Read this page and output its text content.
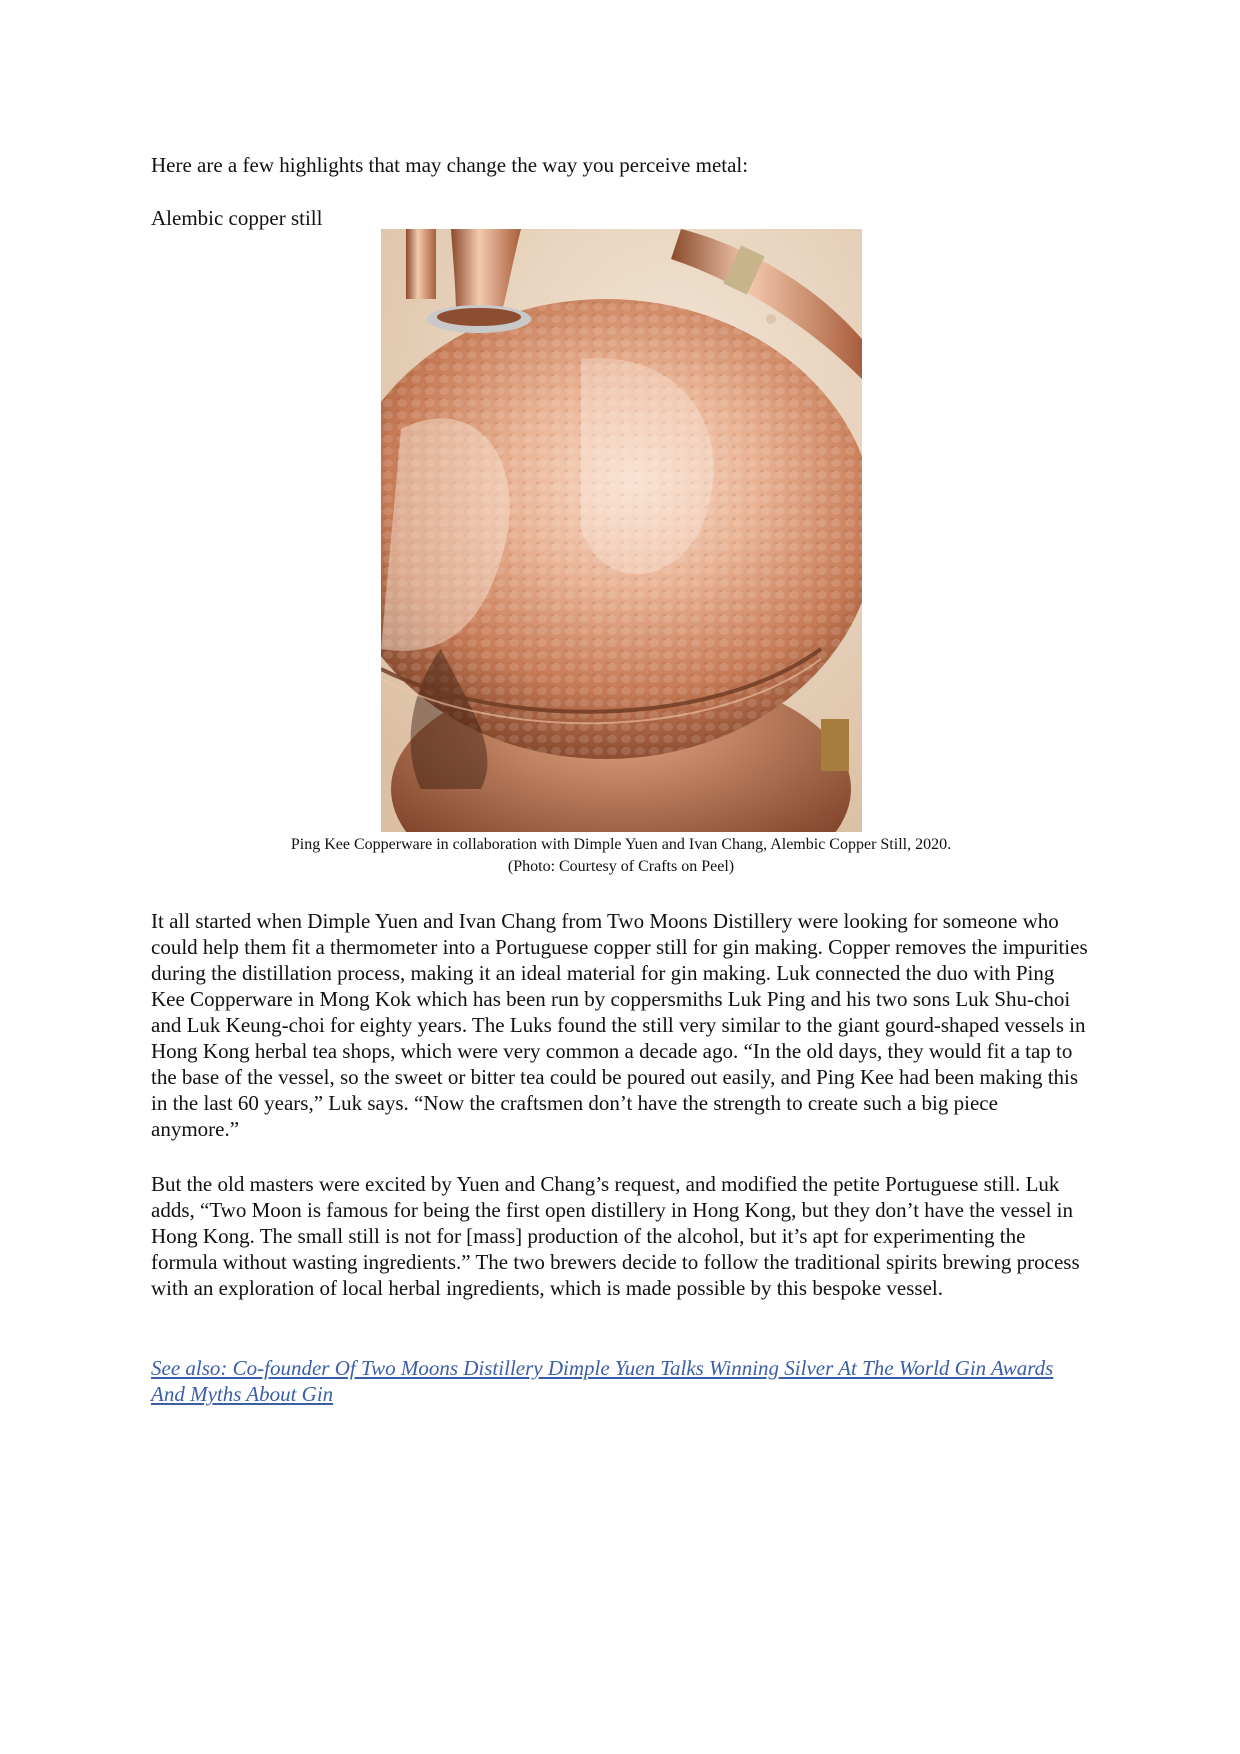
Here are a few highlights that may change the way you perceive metal:

Alembic copper still

Ping Kee Copperware in collaboration with Dimple Yuen and Ivan Chang, Alembic Copper Still, 2020.
(Photo: Courtesy of Crafts on Peel)

It all started when Dimple Yuen and Ivan Chang from Two Moons Distillery were looking for someone who could help them fit a thermometer into a Portuguese copper still for gin making. Copper removes the impurities during the distillation process, making it an ideal material for gin making. Luk connected the duo with Ping Kee Copperware in Mong Kok which has been run by coppersmiths Luk Ping and his two sons Luk Shu-choi and Luk Keung-choi for eighty years. The Luks found the still very similar to the giant gourd-shaped vessels in Hong Kong herbal tea shops, which were very common a decade ago. “In the old days, they would fit a tap to the base of the vessel, so the sweet or bitter tea could be poured out easily, and Ping Kee had been making this in the last 60 years,” Luk says. “Now the craftsmen don’t have the strength to create such a big piece anymore.”

But the old masters were excited by Yuen and Chang’s request, and modified the petite Portuguese still. Luk adds, “Two Moon is famous for being the first open distillery in Hong Kong, but they don’t have the vessel in Hong Kong. The small still is not for [mass] production of the alcohol, but it’s apt for experimenting the formula without wasting ingredients.” The two brewers decide to follow the traditional spirits brewing process with an exploration of local herbal ingredients, which is made possible by this bespoke vessel.

See also: Co-founder Of Two Moons Distillery Dimple Yuen Talks Winning Silver At The World Gin Awards And Myths About Gin
